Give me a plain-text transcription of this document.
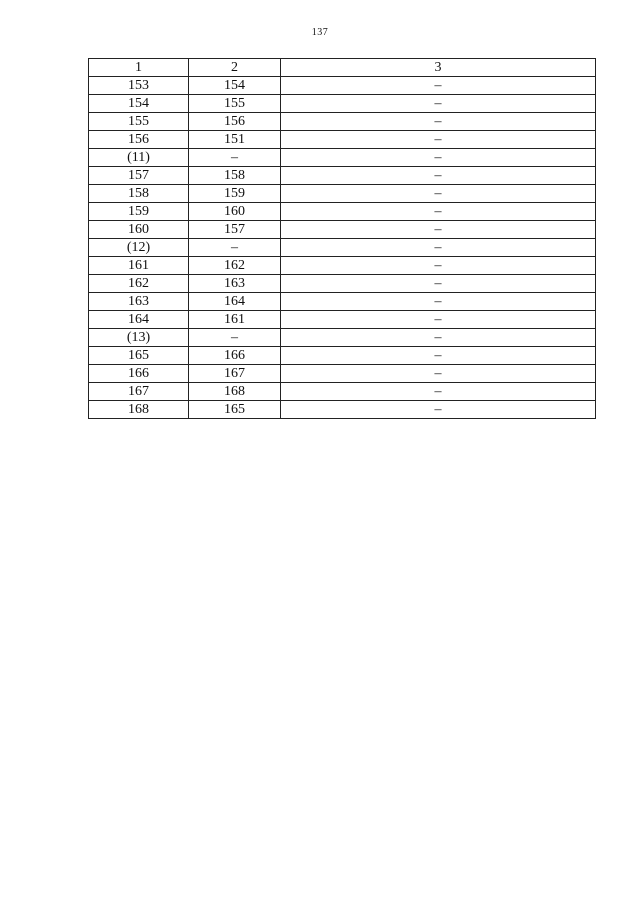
137
1	2	3
153	154	–
154	155	–
155	156	–
156	151	–
(11)	–	–
157	158	–
158	159	–
159	160	–
160	157	–
(12)	–	–
161	162	–
162	163	–
163	164	–
164	161	–
(13)	–	–
165	166	–
166	167	–
167	168	–
168	165	–
